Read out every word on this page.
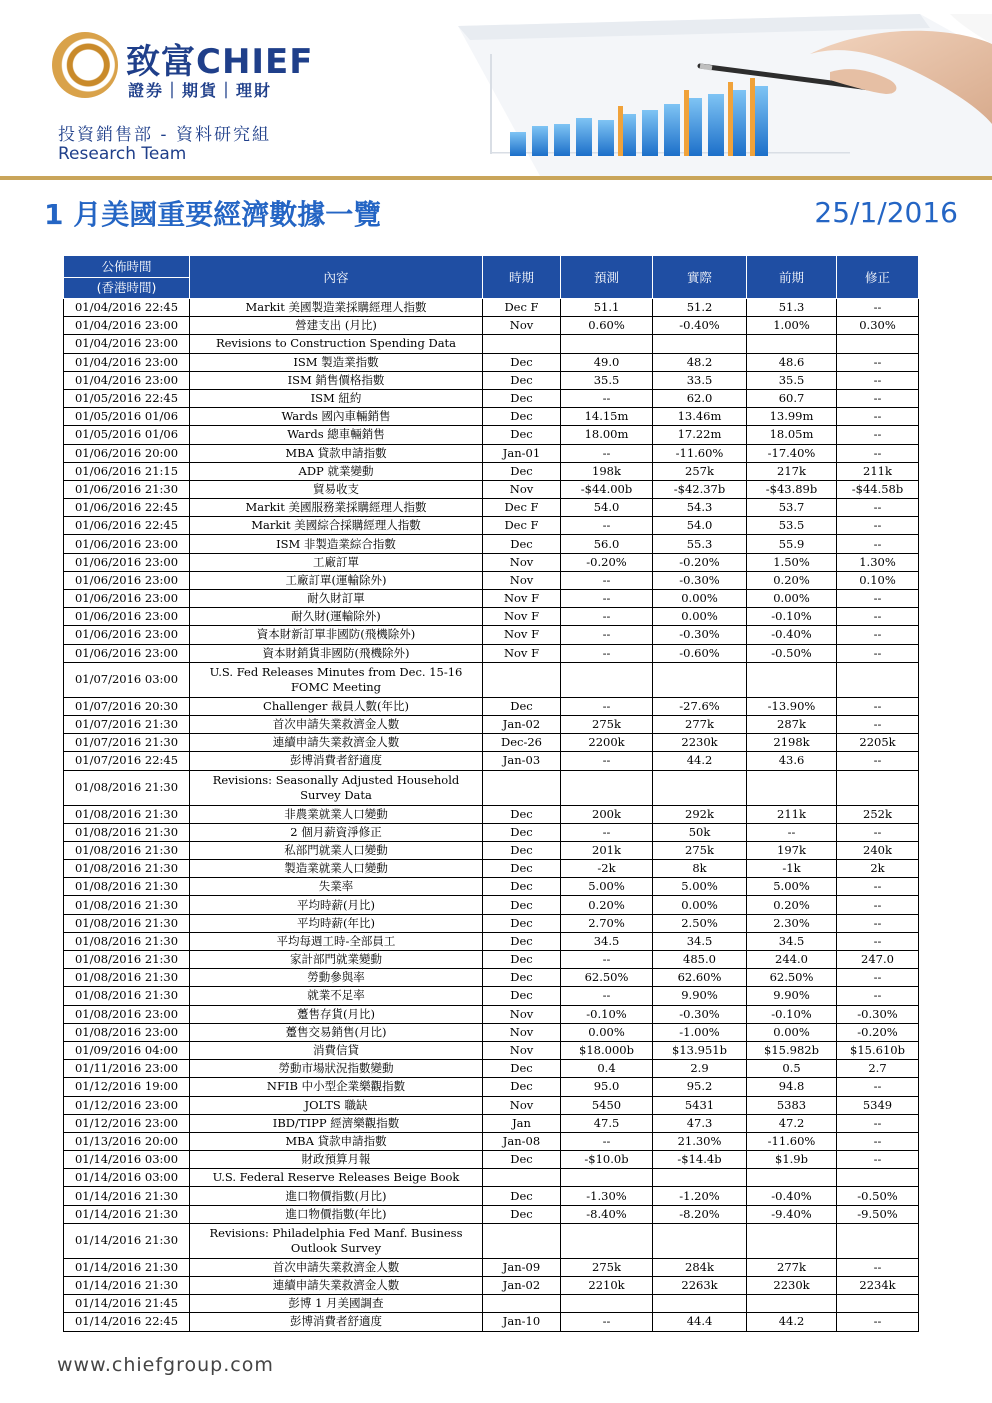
致富CHIEF
證券｜期貨｜理財
投資銷售部 - 資料研究組
Research Team
1 月美國重要經濟數據一覽	25/1/2016
公佈時間
(香港時間)	內容	時期	預測	實際	前期	修正
01/04/2016 22:45	Markit 美國製造業採購經理人指數	Dec F	51.1	51.2	51.3	--
01/04/2016 23:00	營建支出 (月比)	Nov	0.60%	-0.40%	1.00%	0.30%
01/04/2016 23:00	Revisions to Construction Spending Data					
01/04/2016 23:00	ISM 製造業指數	Dec	49.0	48.2	48.6	--
01/04/2016 23:00	ISM 銷售價格指數	Dec	35.5	33.5	35.5	--
01/05/2016 22:45	ISM 紐約	Dec	--	62.0	60.7	--
01/05/2016 01/06	Wards 國內車輛銷售	Dec	14.15m	13.46m	13.99m	--
01/05/2016 01/06	Wards 總車輛銷售	Dec	18.00m	17.22m	18.05m	--
01/06/2016 20:00	MBA 貸款申請指數	Jan-01	--	-11.60%	-17.40%	--
01/06/2016 21:15	ADP 就業變動	Dec	198k	257k	217k	211k
01/06/2016 21:30	貿易收支	Nov	-$44.00b	-$42.37b	-$43.89b	-$44.58b
01/06/2016 22:45	Markit 美國服務業採購經理人指數	Dec F	54.0	54.3	53.7	--
01/06/2016 22:45	Markit 美國綜合採購經理人指數	Dec F	--	54.0	53.5	--
01/06/2016 23:00	ISM 非製造業綜合指數	Dec	56.0	55.3	55.9	--
01/06/2016 23:00	工廠訂單	Nov	-0.20%	-0.20%	1.50%	1.30%
01/06/2016 23:00	工廠訂單(運輸除外)	Nov	--	-0.30%	0.20%	0.10%
01/06/2016 23:00	耐久財訂單	Nov F	--	0.00%	0.00%	--
01/06/2016 23:00	耐久財(運輸除外)	Nov F	--	0.00%	-0.10%	--
01/06/2016 23:00	資本財新訂單非國防(飛機除外)	Nov F	--	-0.30%	-0.40%	--
01/06/2016 23:00	資本財銷貨非國防(飛機除外)	Nov F	--	-0.60%	-0.50%	--
01/07/2016 03:00	U.S. Fed Releases Minutes from Dec. 15-16 FOMC Meeting					
01/07/2016 20:30	Challenger 裁員人數(年比)	Dec	--	-27.6%	-13.90%	--
01/07/2016 21:30	首次申請失業救濟金人數	Jan-02	275k	277k	287k	--
01/07/2016 21:30	連續申請失業救濟金人數	Dec-26	2200k	2230k	2198k	2205k
01/07/2016 22:45	彭博消費者舒適度	Jan-03	--	44.2	43.6	--
01/08/2016 21:30	Revisions: Seasonally Adjusted Household Survey Data					
01/08/2016 21:30	非農業就業人口變動	Dec	200k	292k	211k	252k
01/08/2016 21:30	2 個月薪資淨修正	Dec	--	50k	--	--
01/08/2016 21:30	私部門就業人口變動	Dec	201k	275k	197k	240k
01/08/2016 21:30	製造業就業人口變動	Dec	-2k	8k	-1k	2k
01/08/2016 21:30	失業率	Dec	5.00%	5.00%	5.00%	--
01/08/2016 21:30	平均時薪(月比)	Dec	0.20%	0.00%	0.20%	--
01/08/2016 21:30	平均時薪(年比)	Dec	2.70%	2.50%	2.30%	--
01/08/2016 21:30	平均每週工時-全部員工	Dec	34.5	34.5	34.5	--
01/08/2016 21:30	家計部門就業變動	Dec	--	485.0	244.0	247.0
01/08/2016 21:30	勞動參與率	Dec	62.50%	62.60%	62.50%	--
01/08/2016 21:30	就業不足率	Dec	--	9.90%	9.90%	--
01/08/2016 23:00	躉售存貨(月比)	Nov	-0.10%	-0.30%	-0.10%	-0.30%
01/08/2016 23:00	躉售交易銷售(月比)	Nov	0.00%	-1.00%	0.00%	-0.20%
01/09/2016 04:00	消費信貸	Nov	$18.000b	$13.951b	$15.982b	$15.610b
01/11/2016 23:00	勞動市場狀況指數變動	Dec	0.4	2.9	0.5	2.7
01/12/2016 19:00	NFIB 中小型企業樂觀指數	Dec	95.0	95.2	94.8	--
01/12/2016 23:00	JOLTS 職缺	Nov	5450	5431	5383	5349
01/12/2016 23:00	IBD/TIPP 經濟樂觀指數	Jan	47.5	47.3	47.2	--
01/13/2016 20:00	MBA 貸款申請指數	Jan-08	--	21.30%	-11.60%	--
01/14/2016 03:00	財政預算月報	Dec	-$10.0b	-$14.4b	$1.9b	--
01/14/2016 03:00	U.S. Federal Reserve Releases Beige Book					
01/14/2016 21:30	進口物價指數(月比)	Dec	-1.30%	-1.20%	-0.40%	-0.50%
01/14/2016 21:30	進口物價指數(年比)	Dec	-8.40%	-8.20%	-9.40%	-9.50%
01/14/2016 21:30	Revisions: Philadelphia Fed Manf. Business Outlook Survey					
01/14/2016 21:30	首次申請失業救濟金人數	Jan-09	275k	284k	277k	--
01/14/2016 21:30	連續申請失業救濟金人數	Jan-02	2210k	2263k	2230k	2234k
01/14/2016 21:45	彭博 1 月美國調查					
01/14/2016 22:45	彭博消費者舒適度	Jan-10	--	44.4	44.2	--
www.chiefgroup.com
